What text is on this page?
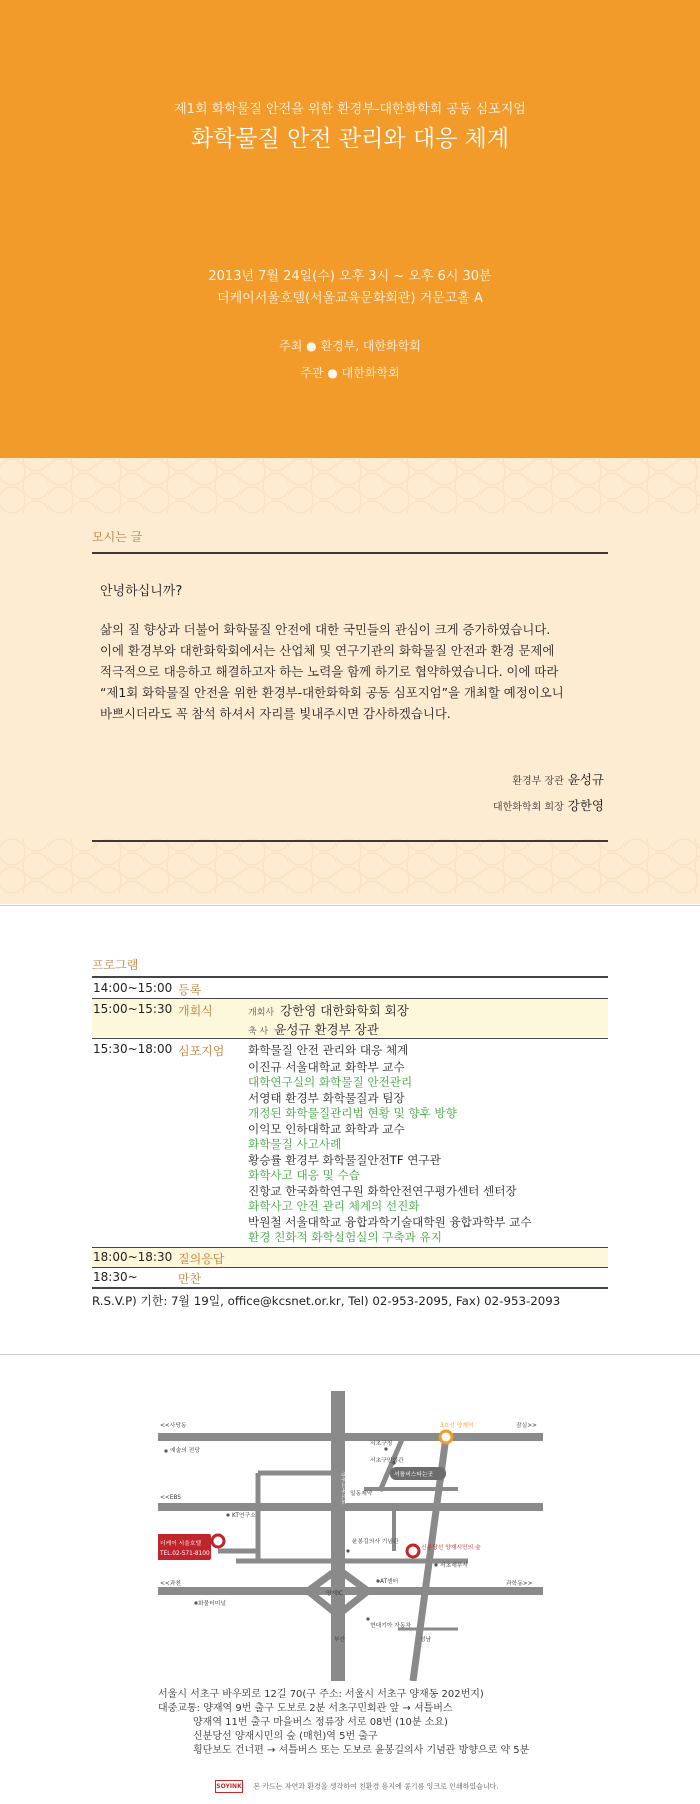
제1회 화학물질 안전을 위한 환경부-대한화학회 공동 심포지엄
화학물질 안전 관리와 대응 체계
2013년 7월 24일(수) 오후 3시 ~ 오후 6시 30분
더케이서울호텔(서울교육문화회관) 거문고홀 A
주최 ● 환경부, 대한화학회
주관 ● 대한화학회
모시는 글
안녕하십니까?

삶의 질 향상과 더불어 화학물질 안전에 대한 국민들의 관심이 크게 증가하였습니다.

이에 환경부와 대한화학회에서는 산업체 및 연구기관의 화학물질 안전과 환경 문제에

적극적으로 대응하고 해결하고자 하는 노력을 함께 하기로 협약하였습니다. 이에 따라

“제1회 화학물질 안전을 위한 환경부-대한화학회 공동 심포지엄”을 개최할 예정이오니

바쁘시더라도 꼭 참석 하셔서 자리를 빛내주시면 감사하겠습니다.

환경부 장관 윤성규
대한화학회 회장 강한영
프로그램
14:00~15:00 등록
15:00~15:30 개회식	개회사 강한영 대한화학회 회장
축 사 윤성규 환경부 장관
15:30~18:00 심포지엄 화학물질 안전 관리와 대응 체계
이진규 서울대학교 화학부 교수
대학연구실의 화학물질 안전관리
서영태 환경부 화학물질과 팀장
개정된 화학물질관리법 현황 및 향후 방향
이익모 인하대학교 화학과 교수
화학물질 사고사례
황승률 환경부 화학물질안전TF 연구관
화학사고 대응 및 수습
진항교 한국화학연구원 화학안전연구평가센터 센터장
화학사고 안전 관리 체계의 선진화
박원철 서울대학교 융합과학기술대학원 융합과학부 교수
환경 친화적 화학실험실의 구축과 유지
18:00~18:30 질의응답
18:30~	만찬
R.S.V.P) 기한: 7월 19일, office@kcsnet.or.kr, Tel) 02-953-2095, Fax) 02-953-2093
<<사당동	잠실>>
예술의 전당
서초구청
3호선 양재역
서초구민회관
셔틀버스타는곳
일동제약
<<EBS
KT연구소
더케이 서울호텔
TEL.02-571-8100
윤봉길의사 기념관
신분당선 양재시민의 숲
서초세무서
AT센터
<<과천	과학동>>
양재IC
부산
화물터미널
현대기아 자동차
성남
경부고속도로
서울시 서초구 바우뫼로 12길 70(구 주소: 서울시 서초구 양재동 202번지)
대중교통: 양재역 9번 출구 도보로 2분 서초구민회관 앞 → 셔틀버스
양재역 11번 출구 마을버스 정류장 서로 08번 (10분 소요)
신분당선 양재시민의 숲 (매헌)역 5번 출구
횡단보도 건너편 → 셔틀버스 또는 도보로 윤봉길의사 기념관 방향으로 약 5분
SOYINK 본 카드는 자연과 환경을 생각하여 친환경 용지에 콩기름 잉크로 인쇄하였습니다.
